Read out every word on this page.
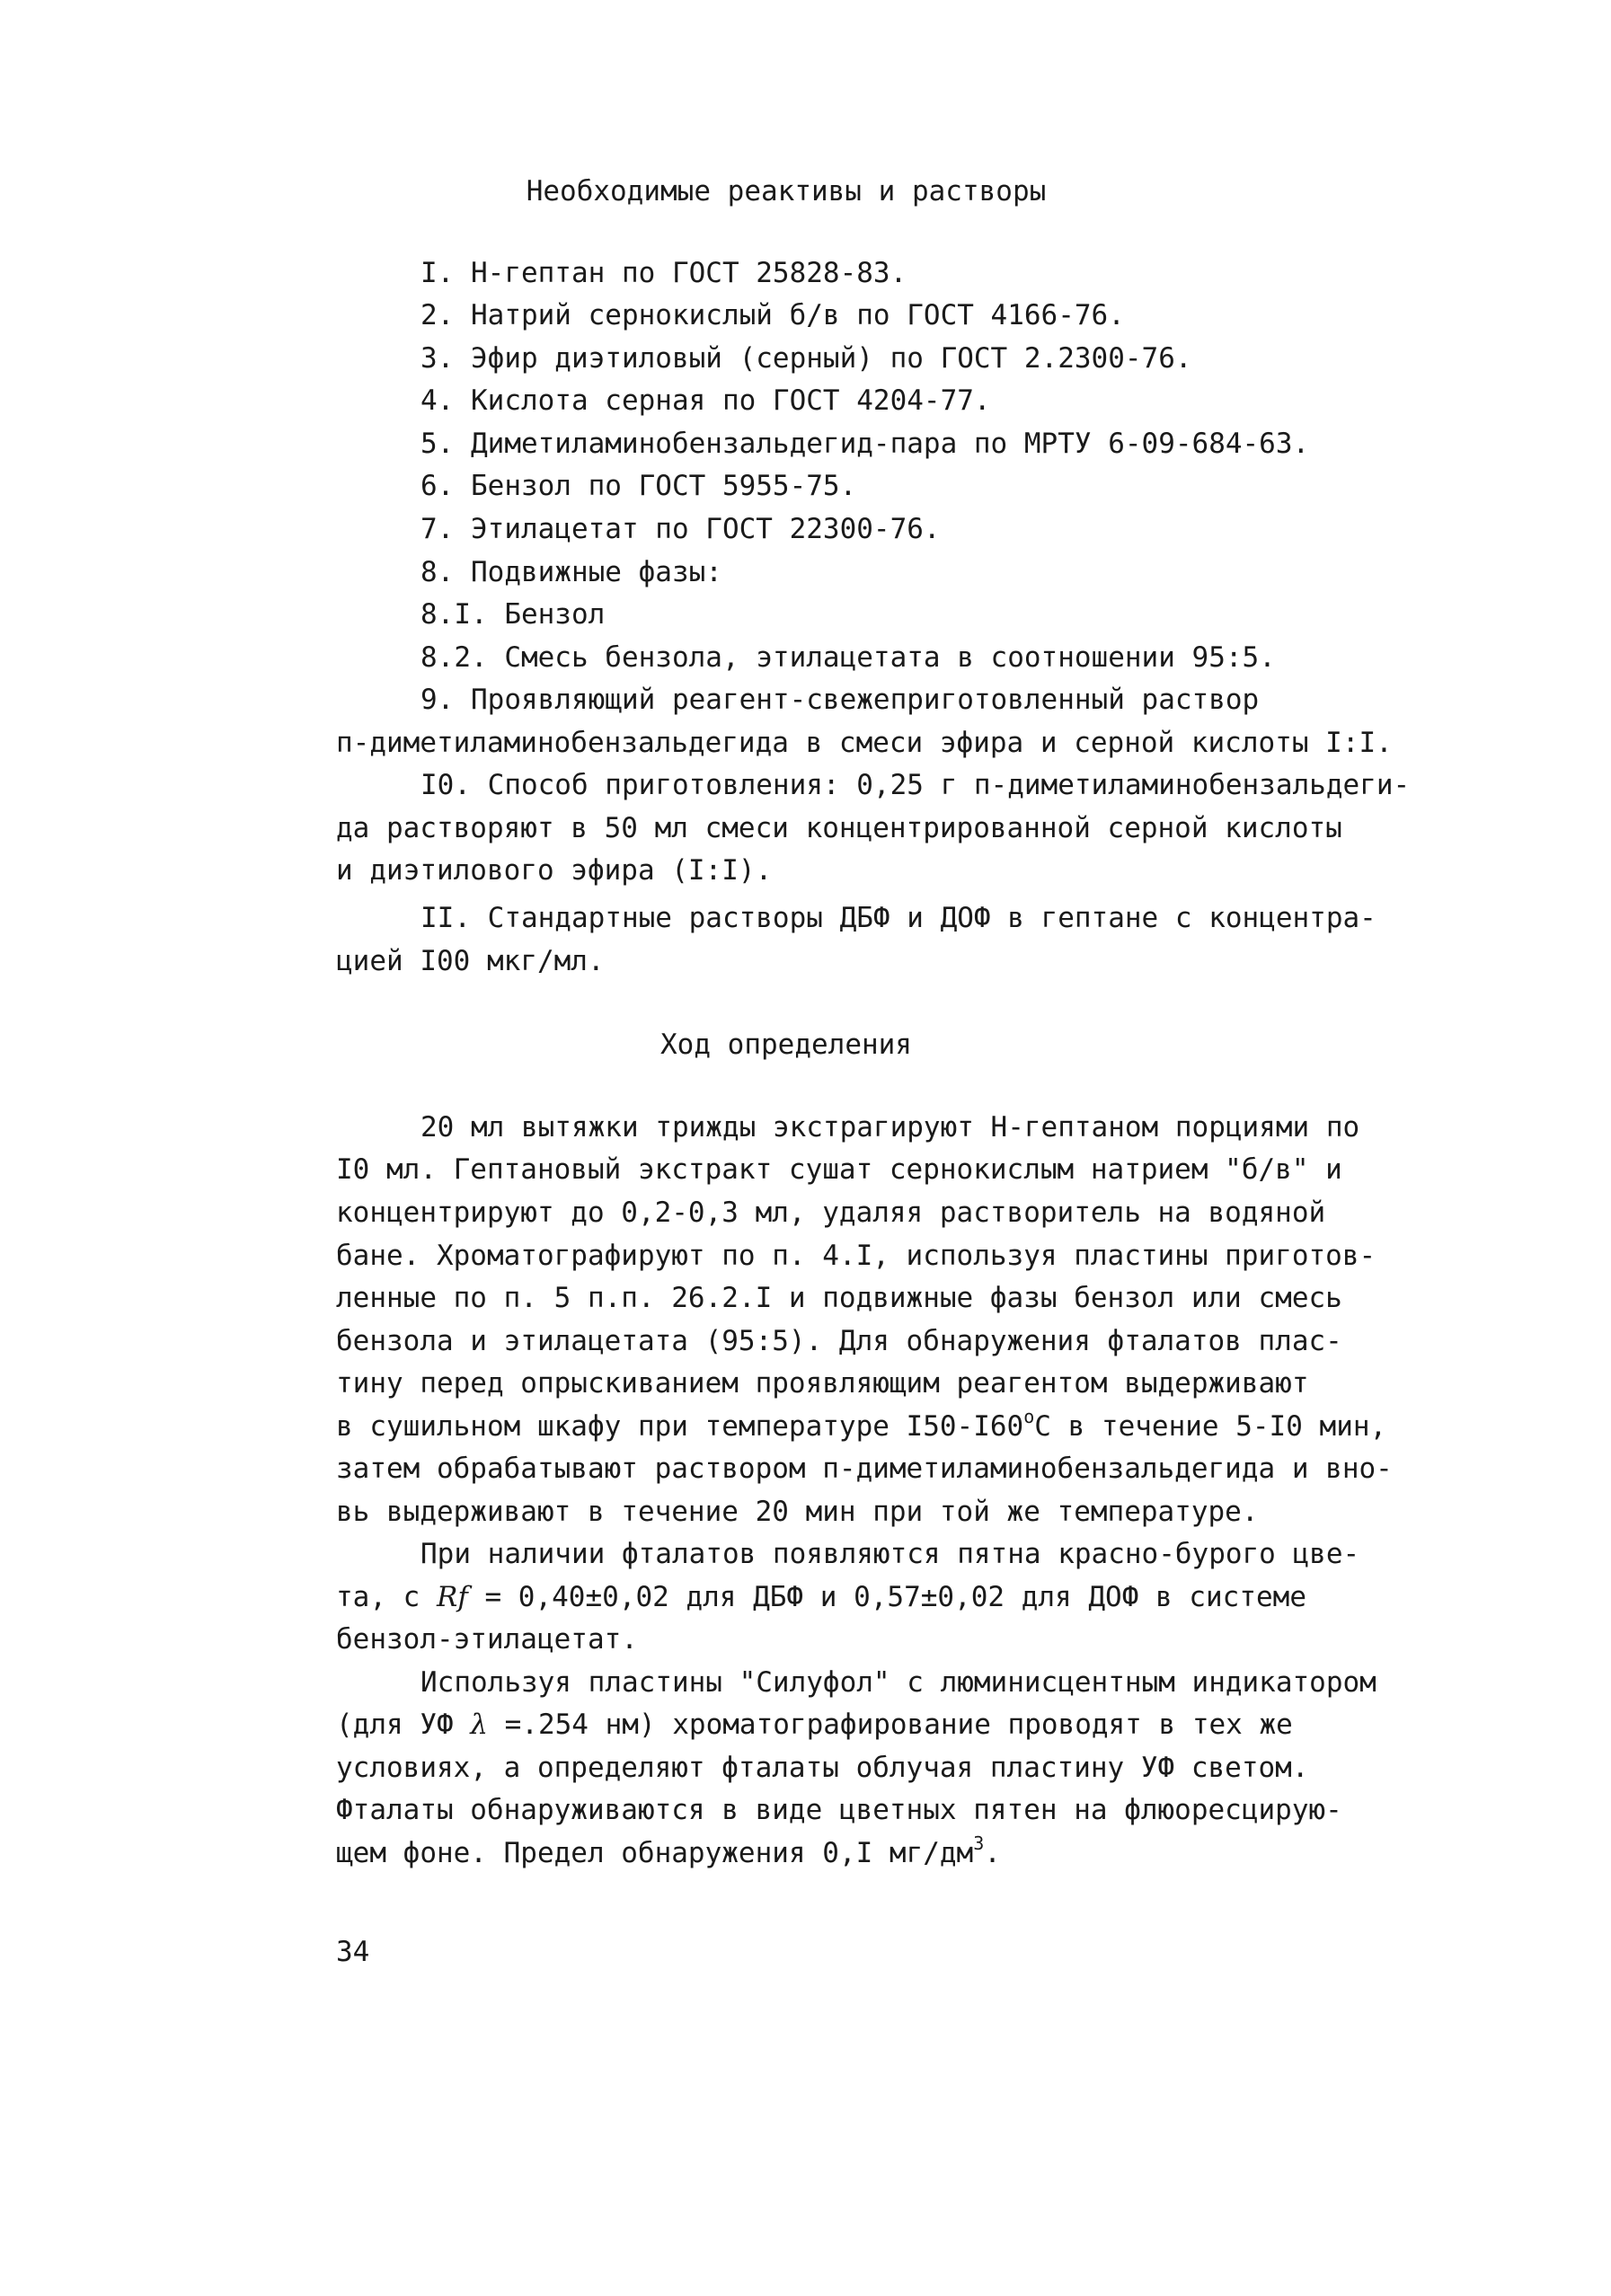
Необходимые реактивы и растворы
I. Н-гептан по ГОСТ 25828-83.
2. Натрий сернокислый б/в по ГОСТ 4166-76.
3. Эфир диэтиловый (серный) по ГОСТ 2.2300-76.
4. Кислота серная по ГОСТ 4204-77.
5. Диметиламинобензальдегид-пара по МРТУ 6-09-684-63.
6. Бензол по ГОСТ 5955-75.
7. Этилацетат по ГОСТ 22300-76.
8. Подвижные фазы:
8.I. Бензол
8.2. Смесь бензола, этилацетата в соотношении 95:5.
9. Проявляющий реагент-свежеприготовленный раствор
п-диметиламинобензальдегида в смеси эфира и серной кислоты I:I.
I0. Способ приготовления: 0,25 г п-диметиламинобензальдеги-
да растворяют в 50 мл смеси концентрированной серной кислоты
и диэтилового эфира (I:I).
II. Стандартные растворы ДБФ и ДОФ в гептане с концентра-
цией I00 мкг/мл.
Ход определения
20 мл вытяжки трижды экстрагируют Н-гептаном порциями по
I0 мл. Гептановый экстракт сушат сернокислым натрием "б/в" и
концентрируют до 0,2-0,3 мл, удаляя растворитель на водяной
бане. Хроматографируют по п. 4.I, используя пластины приготов-
ленные по п. 5 п.п. 26.2.I и подвижные фазы бензол или смесь
бензола и этилацетата (95:5). Для обнаружения фталатов плас-
тину перед опрыскиванием проявляющим реагентом выдерживают
в сушильном шкафу при температуре I50-I60$^o$С в течение 5-I0 мин,
затем обрабатывают раствором п-диметиламинобензальдегида и вно-
вь выдерживают в течение 20 мин при той же температуре.
При наличии фталатов появляются пятна красно-бурого цве-
та, с Rf = 0,40±0,02 для ДБФ и 0,57±0,02 для ДОФ в системе
бензол-этилацетат.
Используя пластины "Силуфол" с люминисцентным индикатором
(для УФ λ =.254 нм) хроматографирование проводят в тех же
условиях, а определяют фталаты облучая пластину УФ светом.
Фталаты обнаруживаются в виде цветных пятен на флюоресцирую-
щем фоне. Предел обнаружения 0,I $мг/дм^3$.
34
